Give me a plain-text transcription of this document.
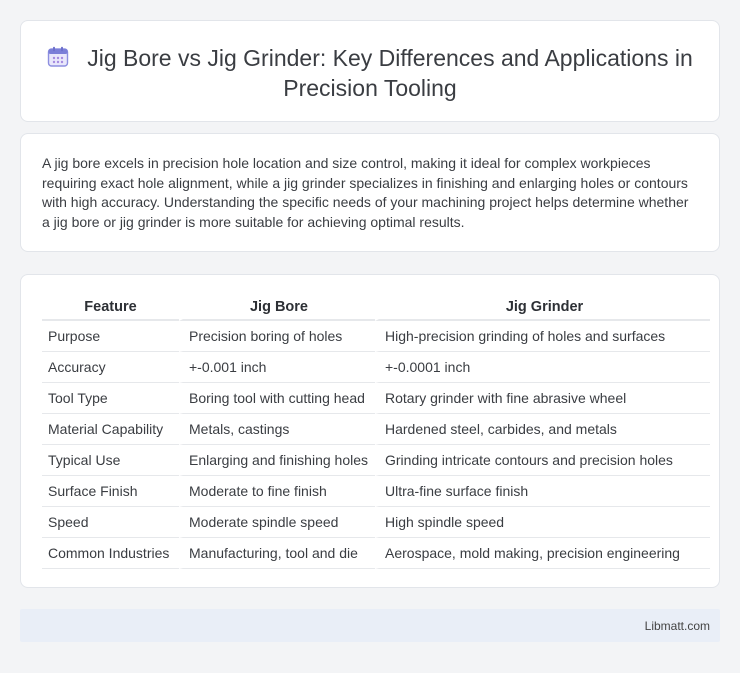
Jig Bore vs Jig Grinder: Key Differences and Applications in Precision Tooling

A jig bore excels in precision hole location and size control, making it ideal for complex workpieces requiring exact hole alignment, while a jig grinder specializes in finishing and enlarging holes or contours with high accuracy. Understanding the specific needs of your machining project helps determine whether a jig bore or jig grinder is more suitable for achieving optimal results.

Feature	Jig Bore	Jig Grinder
Purpose	Precision boring of holes	High-precision grinding of holes and surfaces
Accuracy	+-0.001 inch	+-0.0001 inch
Tool Type	Boring tool with cutting head	Rotary grinder with fine abrasive wheel
Material Capability	Metals, castings	Hardened steel, carbides, and metals
Typical Use	Enlarging and finishing holes	Grinding intricate contours and precision holes
Surface Finish	Moderate to fine finish	Ultra-fine surface finish
Speed	Moderate spindle speed	High spindle speed
Common Industries	Manufacturing, tool and die	Aerospace, mold making, precision engineering
Libmatt.com
